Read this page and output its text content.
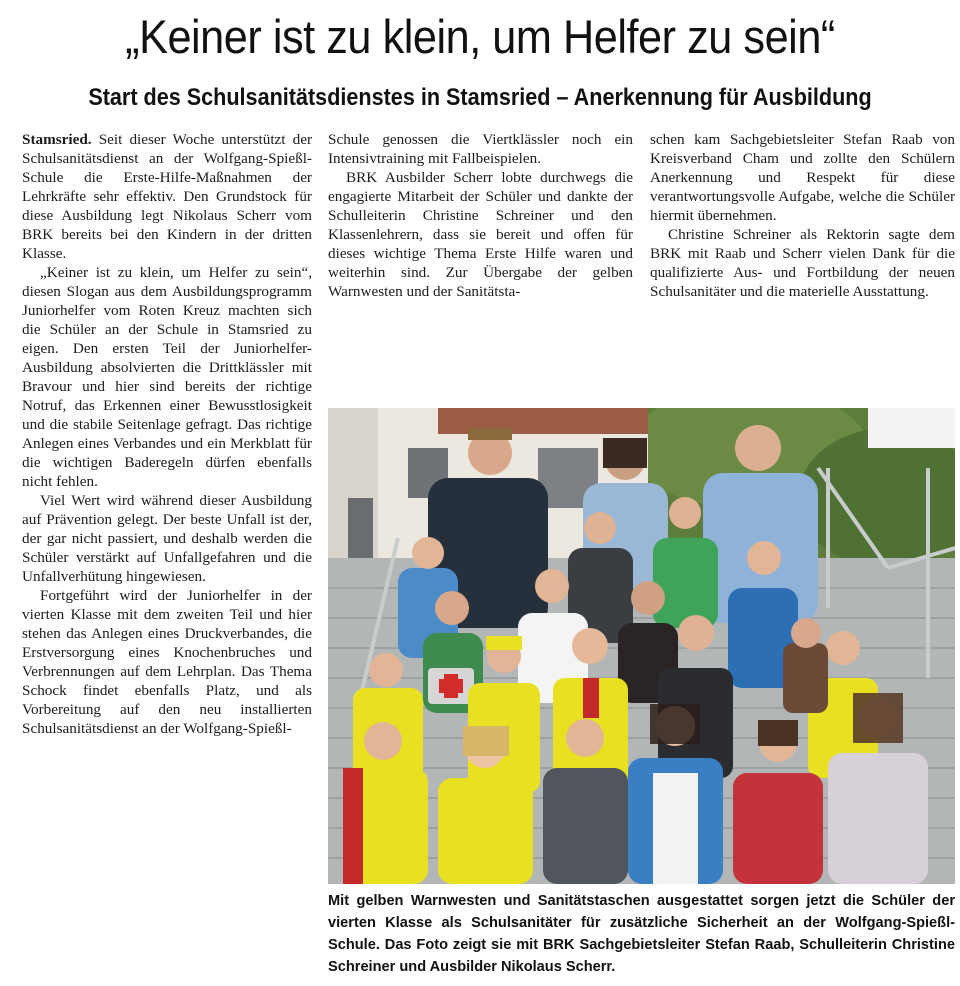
„Keiner ist zu klein, um Helfer zu sein“
Start des Schulsanitätsdienstes in Stamsried – Anerkennung für Ausbildung

Stamsried. Seit dieser Woche unterstützt der Schulsanitätsdienst an der Wolfgang-Spießl-Schule die Erste-Hilfe-Maßnahmen der Lehrkräfte sehr effektiv. Den Grundstock für diese Ausbildung legt Nikolaus Scherr vom BRK bereits bei den Kindern in der dritten Klasse.

„Keiner ist zu klein, um Helfer zu sein“, diesen Slogan aus dem Ausbildungsprogramm Juniorhelfer vom Roten Kreuz machten sich die Schüler an der Schule in Stamsried zu eigen. Den ersten Teil der Juniorhelfer-Ausbildung absolvierten die Drittklässler mit Bravour und hier sind bereits der richtige Notruf, das Erkennen einer Bewusstlosigkeit und die stabile Seitenlage gefragt. Das richtige Anlegen eines Verbandes und ein Merkblatt für die wichtigen Baderegeln dürfen ebenfalls nicht fehlen.

Viel Wert wird während dieser Ausbildung auf Prävention gelegt. Der beste Unfall ist der, der gar nicht passiert, und deshalb werden die Schüler verstärkt auf Unfallgefahren und die Unfallverhütung hingewiesen.

Fortgeführt wird der Juniorhelfer in der vierten Klasse mit dem zweiten Teil und hier stehen das Anlegen eines Druckverbandes, die Erstversorgung eines Knochenbruches und Verbrennungen auf dem Lehrplan. Das Thema Schock findet ebenfalls Platz, und als Vorbereitung auf den neu installierten Schulsanitätsdienst an der Wolfgang-Spießl-

Schule genossen die Viertklässler noch ein Intensivtraining mit Fallbeispielen.

BRK Ausbilder Scherr lobte durchwegs die engagierte Mitarbeit der Schüler und dankte der Schulleiterin Christine Schreiner und den Klassenlehrern, dass sie bereit und offen für dieses wichtige Thema Erste Hilfe waren und weiterhin sind. Zur Übergabe der gelben Warnwesten und der Sanitätsta-

schen kam Sachgebietsleiter Stefan Raab von Kreisverband Cham und zollte den Schülern Anerkennung und Respekt für diese verantwortungsvolle Aufgabe, welche die Schüler hiermit übernehmen.

Christine Schreiner als Rektorin sagte dem BRK mit Raab und Scherr vielen Dank für die qualifizierte Aus- und Fortbildung der neuen Schulsanitäter und die materielle Ausstattung.

Mit gelben Warnwesten und Sanitätstaschen ausgestattet sorgen jetzt die Schüler der vierten Klasse als Schulsanitäter für zusätzliche Sicherheit an der Wolfgang-Spießl-Schule. Das Foto zeigt sie mit BRK Sachgebietsleiter Stefan Raab, Schulleiterin Christine Schreiner und Ausbilder Nikolaus Scherr.
